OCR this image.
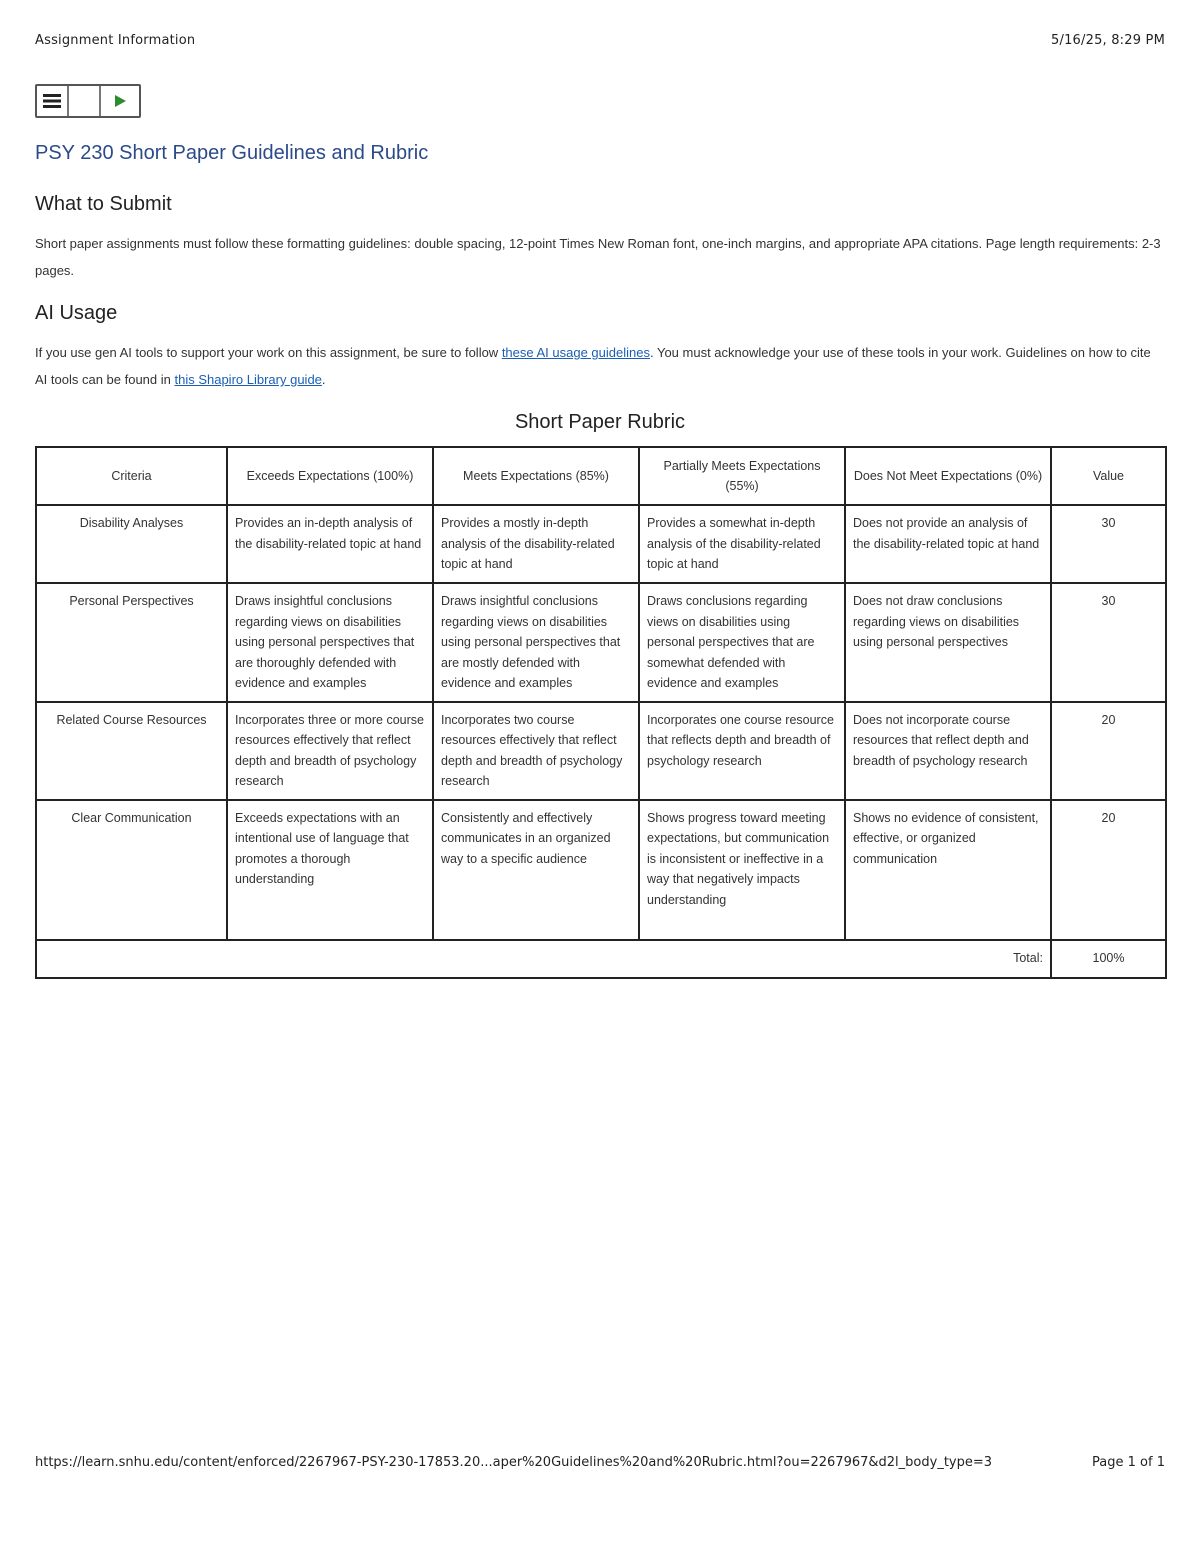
Assignment Information	5/16/25, 8:29 PM
PSY 230 Short Paper Guidelines and Rubric
What to Submit

Short paper assignments must follow these formatting guidelines: double spacing, 12-point Times New Roman font, one-inch margins, and appropriate APA citations. Page length requirements: 2-3 pages.

AI Usage

If you use gen AI tools to support your work on this assignment, be sure to follow these AI usage guidelines. You must acknowledge your use of these tools in your work. Guidelines on how to cite AI tools can be found in this Shapiro Library guide.

Short Paper Rubric
Criteria	Exceeds Expectations (100%)	Meets Expectations (85%)	Partially Meets Expectations (55%)	Does Not Meet Expectations (0%)	Value
Disability Analyses	Provides an in-depth analysis of the disability-related topic at hand	Provides a mostly in-depth analysis of the disability-related topic at hand	Provides a somewhat in-depth analysis of the disability-related topic at hand	Does not provide an analysis of the disability-related topic at hand	30
Personal Perspectives	Draws insightful conclusions regarding views on disabilities using personal perspectives that are thoroughly defended with evidence and examples	Draws insightful conclusions regarding views on disabilities using personal perspectives that are mostly defended with evidence and examples	Draws conclusions regarding views on disabilities using personal perspectives that are somewhat defended with evidence and examples	Does not draw conclusions regarding views on disabilities using personal perspectives	30
Related Course Resources	Incorporates three or more course resources effectively that reflect depth and breadth of psychology research	Incorporates two course resources effectively that reflect depth and breadth of psychology research	Incorporates one course resource that reflects depth and breadth of psychology research	Does not incorporate course resources that reflect depth and breadth of psychology research	20
Clear Communication	Exceeds expectations with an intentional use of language that promotes a thorough understanding	Consistently and effectively communicates in an organized way to a specific audience	Shows progress toward meeting expectations, but communication is inconsistent or ineffective in a way that negatively impacts understanding	Shows no evidence of consistent, effective, or organized communication	20
Total:					100%
https://learn.snhu.edu/content/enforced/2267967-PSY-230-17853.20...aper%20Guidelines%20and%20Rubric.html?ou=2267967&d2l_body_type=3	Page 1 of 1
